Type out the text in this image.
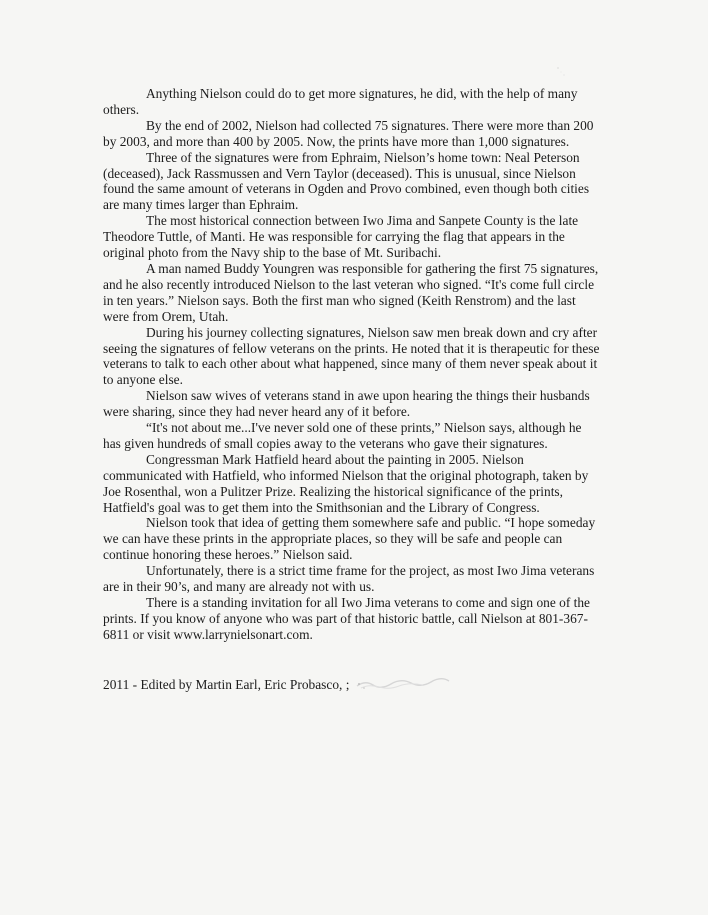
Anything Nielson could do to get more signatures, he did, with the help of many others.

By the end of 2002, Nielson had collected 75 signatures. There were more than 200 by 2003, and more than 400 by 2005. Now, the prints have more than 1,000 signatures.

Three of the signatures were from Ephraim, Nielson’s home town: Neal Peterson (deceased), Jack Rassmussen and Vern Taylor (deceased). This is unusual, since Nielson found the same amount of veterans in Ogden and Provo combined, even though both cities are many times larger than Ephraim.

The most historical connection between Iwo Jima and Sanpete County is the late Theodore Tuttle, of Manti. He was responsible for carrying the flag that appears in the original photo from the Navy ship to the base of Mt. Suribachi.

A man named Buddy Youngren was responsible for gathering the first 75 signatures, and he also recently introduced Nielson to the last veteran who signed. “It's come full circle in ten years.” Nielson says. Both the first man who signed (Keith Renstrom) and the last were from Orem, Utah.

During his journey collecting signatures, Nielson saw men break down and cry after seeing the signatures of fellow veterans on the prints. He noted that it is therapeutic for these veterans to talk to each other about what happened, since many of them never speak about it to anyone else.

Nielson saw wives of veterans stand in awe upon hearing the things their husbands were sharing, since they had never heard any of it before.

“It's not about me...I've never sold one of these prints,” Nielson says, although he has given hundreds of small copies away to the veterans who gave their signatures.

Congressman Mark Hatfield heard about the painting in 2005. Nielson communicated with Hatfield, who informed Nielson that the original photograph, taken by Joe Rosenthal, won a Pulitzer Prize. Realizing the historical significance of the prints, Hatfield's goal was to get them into the Smithsonian and the Library of Congress.

Nielson took that idea of getting them somewhere safe and public. “I hope someday we can have these prints in the appropriate places, so they will be safe and people can continue honoring these heroes.” Nielson said.

Unfortunately, there is a strict time frame for the project, as most Iwo Jima veterans are in their 90’s, and many are already not with us.

There is a standing invitation for all Iwo Jima veterans to come and sign one of the prints. If you know of anyone who was part of that historic battle, call Nielson at 801-367-6811 or visit www.larrynielsonart.com.

2011 - Edited by Martin Earl, Eric Probasco, ;
